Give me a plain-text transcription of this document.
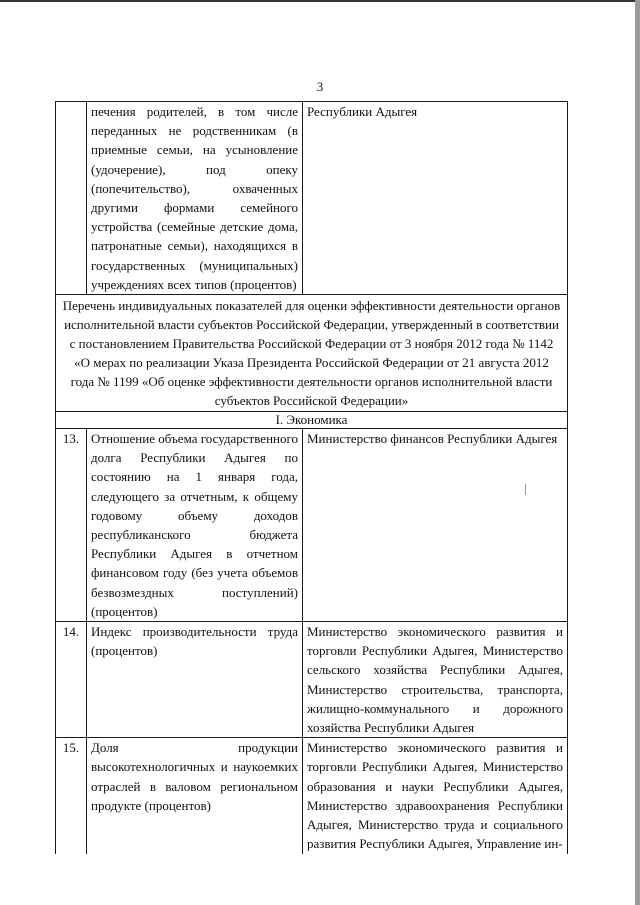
3
	печения родителей, в том числе переданных не родственникам (в приемные семьи, на усыновление (удочерение), под опеку (попечительство), охваченных другими формами семейного устройства (семейные детские дома, патронатные семьи), находящихся в государственных (муниципальных) учреждениях всех типов (процентов)	Республики Адыгея
Перечень индивидуальных показателей для оценки эффективности деятельности органов исполнительной власти субъектов Российской Федерации, утвержденный в соответствии с постановлением Правительства Российской Федерации от 3 ноября 2012 года № 1142 «О мерах по реализации Указа Президента Российской Федерации от 21 августа 2012 года № 1199 «Об оценке эффективности деятельности органов исполнительной власти субъектов Российской Федерации»		
I. Экономика		
13.	Отношение объема государственного долга Республики Адыгея по состоянию на 1 января года, следующего за отчетным, к общему годовому объему доходов республиканского бюджета Республики Адыгея в отчетном финансовом году (без учета объемов безвозмездных поступлений) (процентов)	Министерство финансов Республики Адыгея
14.	Индекс производительности труда (процентов)	Министерство экономического развития и торговли Республики Адыгея, Министерство сельского хозяйства Республики Адыгея, Министерство строительства, транспорта, жилищно-коммунального и дорожного хозяйства Республики Адыгея
15.	Доля продукции высокотехнологичных и наукоемких отраслей в валовом региональном продукте (процентов)	Министерство экономического развития и торговли Республики Адыгея, Министерство образования и науки Республики Адыгея, Министерство здравоохранения Республики Адыгея, Министерство труда и социального развития Республики Адыгея, Управление ин-
